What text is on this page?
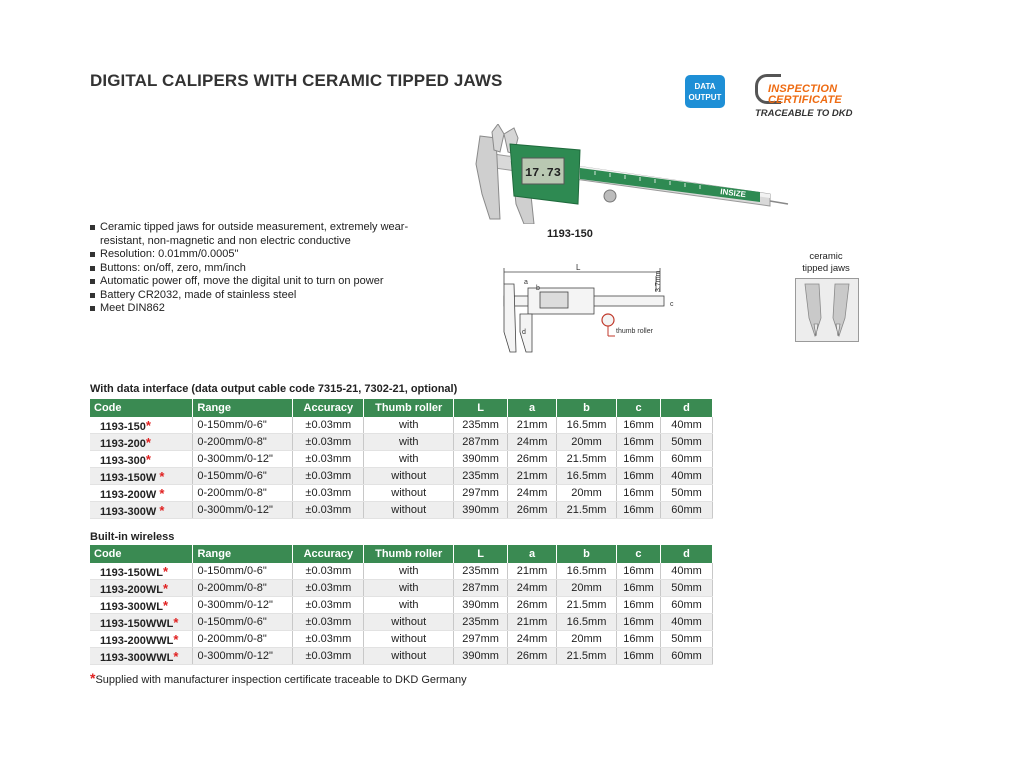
DIGITAL CALIPERS WITH CERAMIC TIPPED JAWS	DATA
OUTPUT
INSPECTION
CERTIFICATE
TRACEABLE TO DKD
17.73
INSIZE
1193-150
Ceramic tipped jaws for outside measurement, extremely wear-resistant, non-magnetic and non electric conductive
Resolution: 0.01mm/0.0005"
Buttons: on/off, zero, mm/inch
Automatic power off, move the digital unit to turn on power
Battery CR2032, made of stainless steel
Meet DIN862
L
a
b
c
d
3.7mm
thumb roller
ceramic
tipped jaws
With data interface (data output cable code 7315-21, 7302-21, optional)
Code	Range	Accuracy	Thumb roller	L	a	b	c	d
1193-150*	0-150mm/0-6"	±0.03mm	with	235mm	21mm	16.5mm	16mm	40mm
1193-200*	0-200mm/0-8"	±0.03mm	with	287mm	24mm	20mm	16mm	50mm
1193-300*	0-300mm/0-12"	±0.03mm	with	390mm	26mm	21.5mm	16mm	60mm
1193-150W *	0-150mm/0-6"	±0.03mm	without	235mm	21mm	16.5mm	16mm	40mm
1193-200W *	0-200mm/0-8"	±0.03mm	without	297mm	24mm	20mm	16mm	50mm
1193-300W *	0-300mm/0-12"	±0.03mm	without	390mm	26mm	21.5mm	16mm	60mm
Built-in wireless
Code	Range	Accuracy	Thumb roller	L	a	b	c	d
1193-150WL*	0-150mm/0-6"	±0.03mm	with	235mm	21mm	16.5mm	16mm	40mm
1193-200WL*	0-200mm/0-8"	±0.03mm	with	287mm	24mm	20mm	16mm	50mm
1193-300WL*	0-300mm/0-12"	±0.03mm	with	390mm	26mm	21.5mm	16mm	60mm
1193-150WWL*	0-150mm/0-6"	±0.03mm	without	235mm	21mm	16.5mm	16mm	40mm
1193-200WWL*	0-200mm/0-8"	±0.03mm	without	297mm	24mm	20mm	16mm	50mm
1193-300WWL*	0-300mm/0-12"	±0.03mm	without	390mm	26mm	21.5mm	16mm	60mm
*Supplied with manufacturer inspection certificate traceable to DKD Germany
